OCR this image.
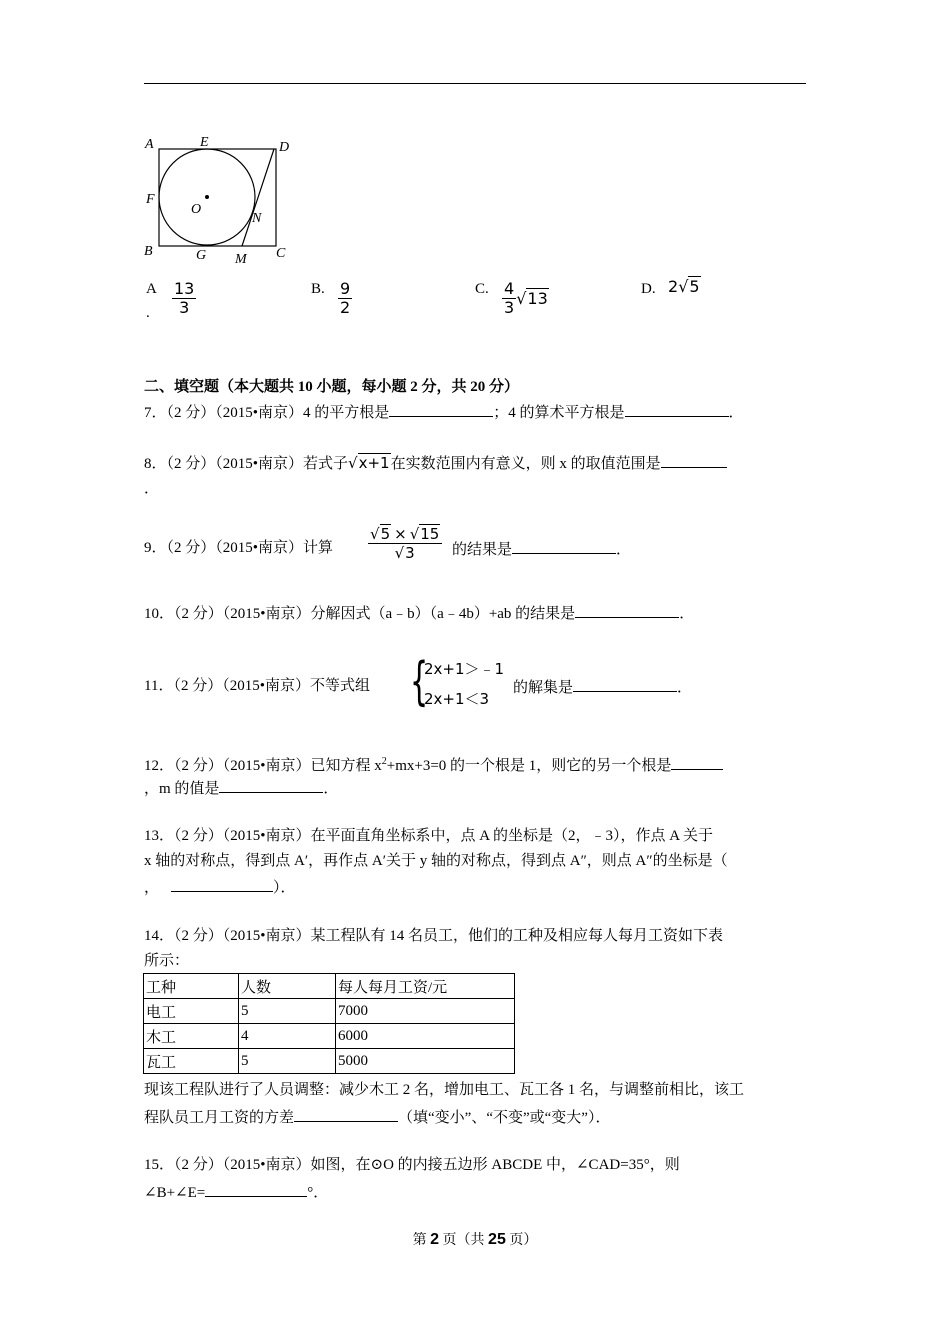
A	E	D
F
O
N
B	G M C
A
. $\frac{13}{3}$	B. $\frac{9}{2}$	C. $\frac{4}{3} √13$	D. 2√5
二、填空题（本大题共 10 小题，每小题 2 分，共 20 分）
7．（2 分）（2015•南京）4 的平方根是	；4 的算术平方根是	．
8．（2 分）（2015•南京）若式子√x+1在实数范围内有意义，则 x 的取值范围是
．
9．（2 分）（2015•南京）计算 $\frac{√5 \times √15}{√3}$ 的结果是	．
10．（2 分）（2015•南京）分解因式（a﹣b）（a﹣4b）+ab 的结果是	．
11．（2 分）（2015•南京）不等式组 {
2x+1＞﹣1
2x+1＜3
的解集是	．
12．（2 分）（2015•南京）已知方程 $x^2+mx+3=0$ 的一个根是 1，则它的另一个根是
，m 的值是	．
13．（2 分）（2015•南京）在平面直角坐标系中，点 A 的坐标是（2，﹣3），作点 A 关于
x 轴的对称点，得到点 A′，再作点 A′关于 y 轴的对称点，得到点 A″，则点 A″的坐标是（
，	）．
14．（2 分）（2015•南京）某工程队有 14 名员工，他们的工种及相应每人每月工资如下表
所示：
工种	人数	每人每月工资/元
电工	5	7000
木工	4	6000
瓦工	5	5000
现该工程队进行了人员调整：减少木工 2 名，增加电工、瓦工各 1 名，与调整前相比，该工
程队员工月工资的方差	（填“变小”、“不变”或“变大”）．
15．（2 分）（2015•南京）如图，在⊙O 的内接五边形 ABCDE 中，∠CAD=35°，则
∠B+∠E=	°．
第 2 页（共 25 页）
